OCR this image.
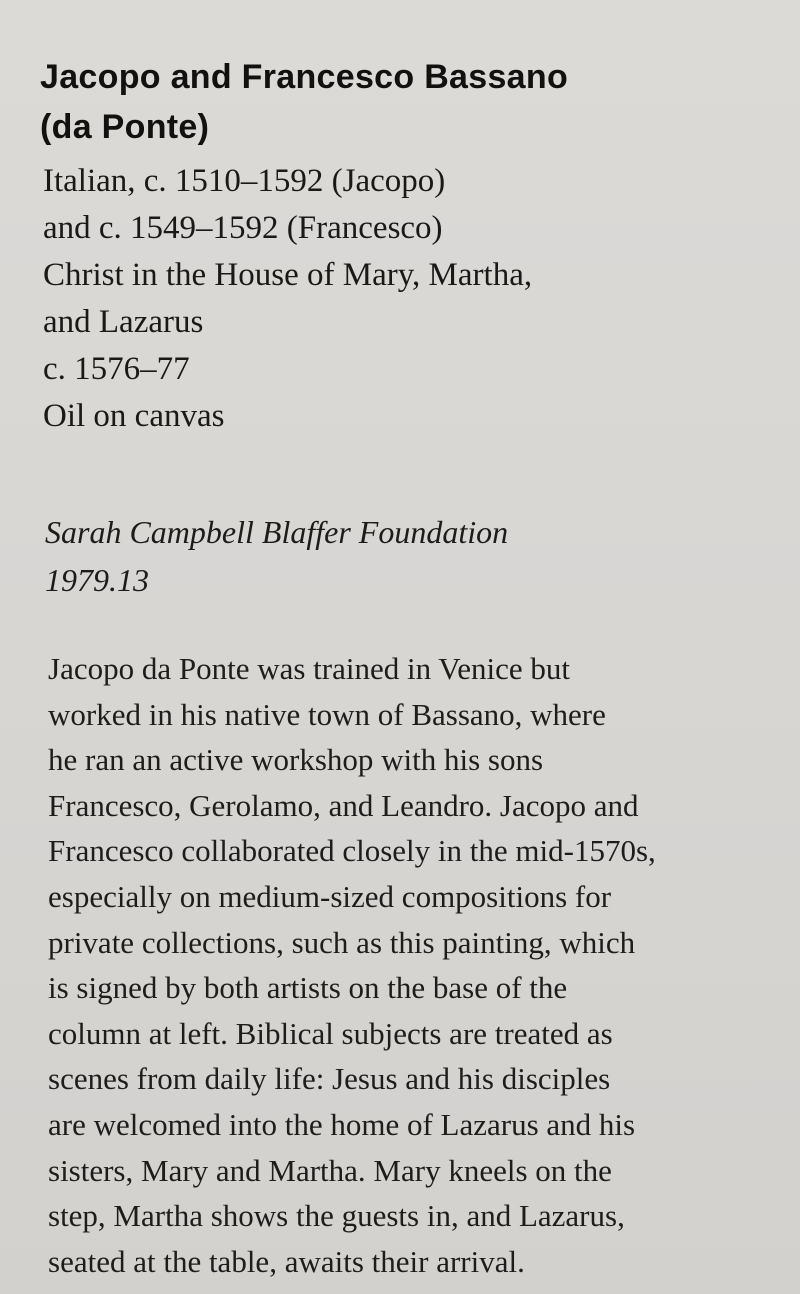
Jacopo and Francesco Bassano
(da Ponte)
Italian, c. 1510–1592 (Jacopo)
and c. 1549–1592 (Francesco)
Christ in the House of Mary, Martha,
and Lazarus
c. 1576–77
Oil on canvas
Sarah Campbell Blaffer Foundation
1979.13
Jacopo da Ponte was trained in Venice but
worked in his native town of Bassano, where
he ran an active workshop with his sons
Francesco, Gerolamo, and Leandro. Jacopo and
Francesco collaborated closely in the mid-1570s,
especially on medium-sized compositions for
private collections, such as this painting, which
is signed by both artists on the base of the
column at left. Biblical subjects are treated as
scenes from daily life: Jesus and his disciples
are welcomed into the home of Lazarus and his
sisters, Mary and Martha. Mary kneels on the
step, Martha shows the guests in, and Lazarus,
seated at the table, awaits their arrival.
